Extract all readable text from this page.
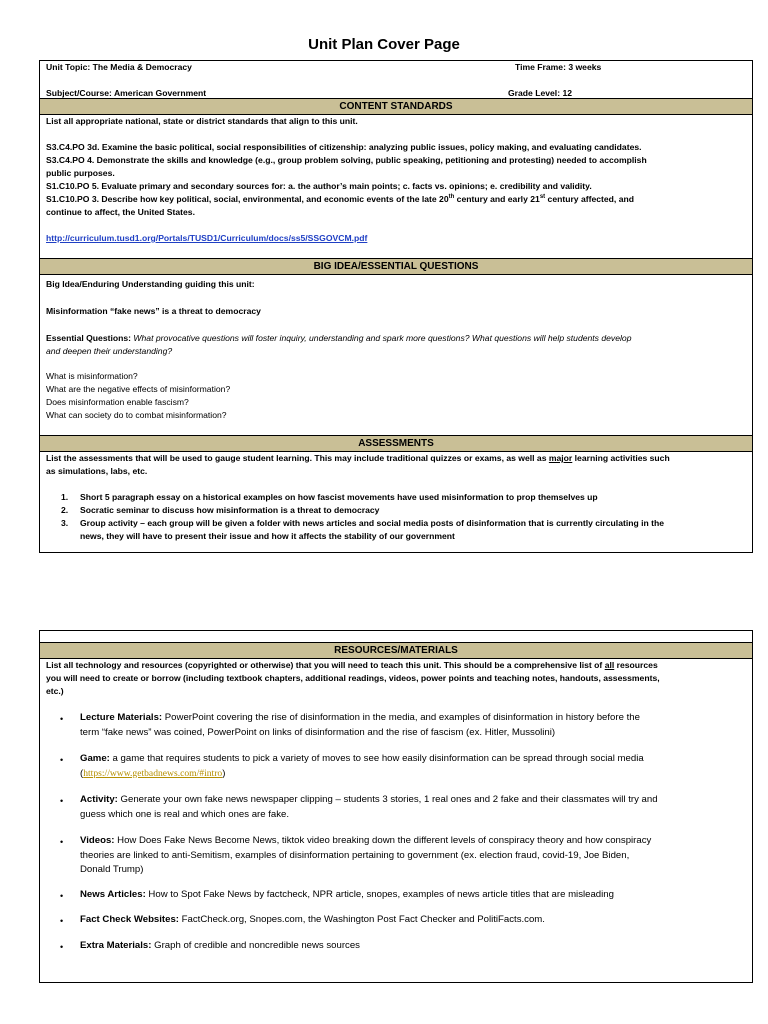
Unit Plan Cover Page
Unit Topic: The Media & Democracy	Time Frame: 3 weeks
Subject/Course: American Government	Grade Level: 12
CONTENT STANDARDS
List all appropriate national, state or district standards that align to this unit.
S3.C4.PO 3d. Examine the basic political, social responsibilities of citizenship: analyzing public issues, policy making, and evaluating candidates.
S3.C4.PO 4. Demonstrate the skills and knowledge (e.g., group problem solving, public speaking, petitioning and protesting) needed to accomplish
public purposes.
S1.C10.PO 5. Evaluate primary and secondary sources for: a. the author’s main points; c. facts vs. opinions; e. credibility and validity.
S1.C10.PO 3. Describe how key political, social, environmental, and economic events of the late 20th century and early 21st century affected, and
continue to affect, the United States.
http://curriculum.tusd1.org/Portals/TUSD1/Curriculum/docs/ss5/SSGOVCM.pdf
BIG IDEA/ESSENTIAL QUESTIONS
Big Idea/Enduring Understanding guiding this unit:
Misinformation “fake news” is a threat to democracy
Essential Questions: What provocative questions will foster inquiry, understanding and spark more questions? What questions will help students develop
and deepen their understanding?
What is misinformation?
What are the negative effects of misinformation?
Does misinformation enable fascism?
What can society do to combat misinformation?
ASSESSMENTS
List the assessments that will be used to gauge student learning. This may include traditional quizzes or exams, as well as major learning activities such
as simulations, labs, etc.
1. Short 5 paragraph essay on a historical examples on how fascist movements have used misinformation to prop themselves up
2. Socratic seminar to discuss how misinformation is a threat to democracy
3. Group activity – each group will be given a folder with news articles and social media posts of disinformation that is currently circulating in the
news, they will have to present their issue and how it affects the stability of our government
RESOURCES/MATERIALS
List all technology and resources (copyrighted or otherwise) that you will need to teach this unit. This should be a comprehensive list of all resources
you will need to create or borrow (including textbook chapters, additional readings, videos, power points and teaching notes, handouts, assessments,
etc.)
• Lecture Materials: PowerPoint covering the rise of disinformation in the media, and examples of disinformation in history before the
term “fake news” was coined, PowerPoint on links of disinformation and the rise of fascism (ex. Hitler, Mussolini)
• Game: a game that requires students to pick a variety of moves to see how easily disinformation can be spread through social media
(https://www.getbadnews.com/#intro)
• Activity: Generate your own fake news newspaper clipping – students 3 stories, 1 real ones and 2 fake and their classmates will try and
guess which one is real and which ones are fake.
• Videos: How Does Fake News Become News, tiktok video breaking down the different levels of conspiracy theory and how conspiracy
theories are linked to anti-Semitism, examples of disinformation pertaining to government (ex. election fraud, covid-19, Joe Biden,
Donald Trump)
• News Articles: How to Spot Fake News by factcheck, NPR article, snopes, examples of news article titles that are misleading
• Fact Check Websites: FactCheck.org, Snopes.com, the Washington Post Fact Checker and PolitiFacts.com.
• Extra Materials: Graph of credible and noncredible news sources
